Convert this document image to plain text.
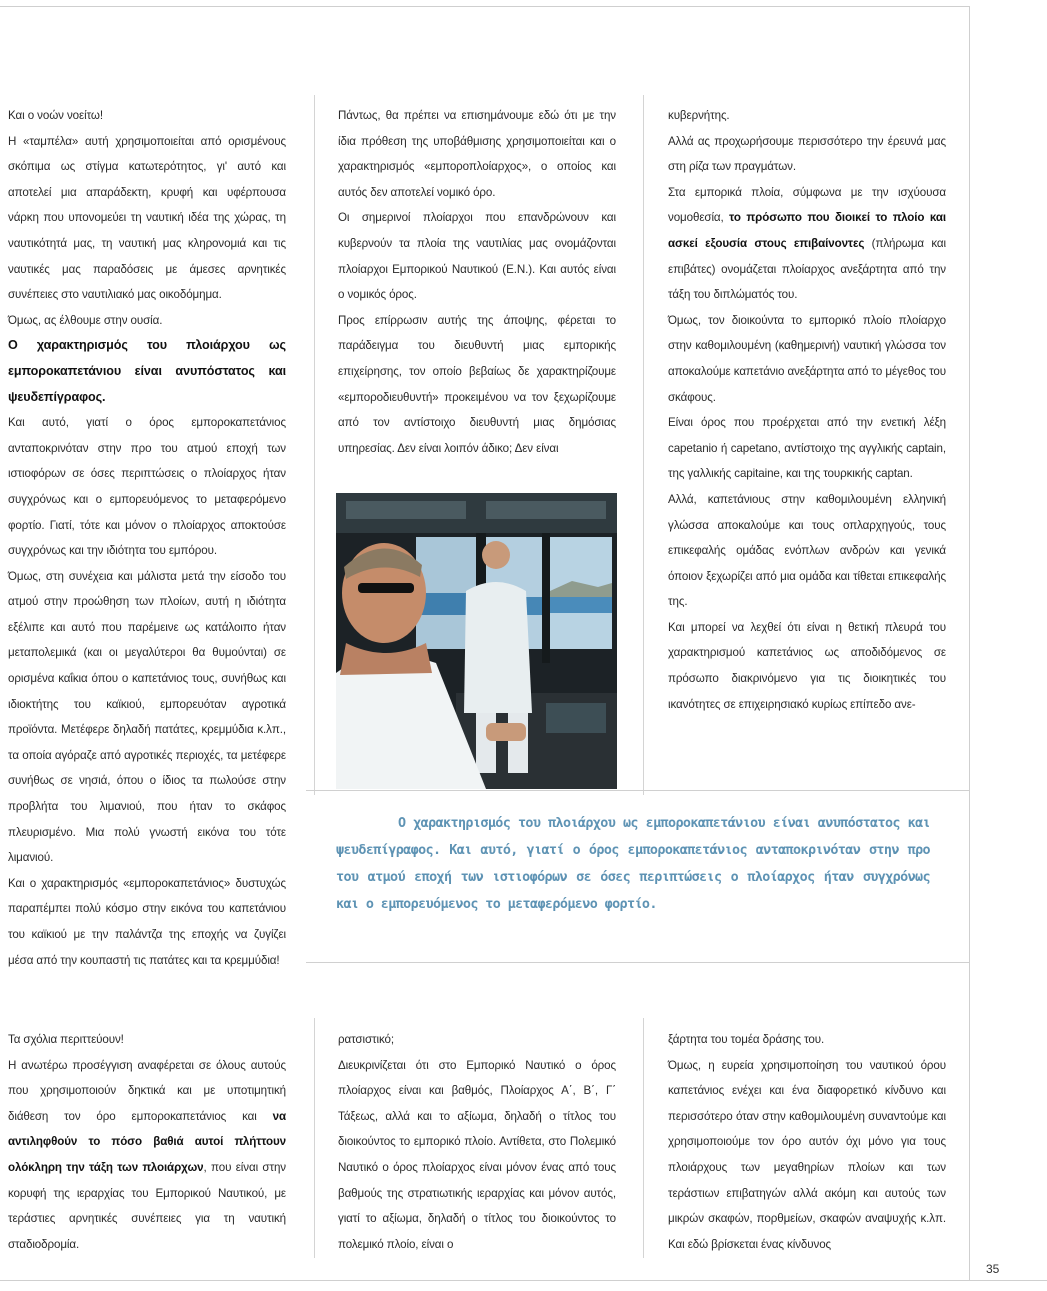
Και ο νοών νοείτω!

Η «ταμπέλα» αυτή χρησιμοποιείται από ορισμένους σκόπιμα ως στίγμα κατωτερότητος, γι' αυτό και αποτελεί μια απαράδεκτη, κρυφή και υφέρπουσα νάρκη που υπονομεύει τη ναυτική ιδέα της χώρας, τη ναυτικότητά μας, τη ναυτική μας κληρονομιά και τις ναυτικές μας παραδόσεις με άμεσες αρνητικές συνέπειες στο ναυτιλιακό μας οικοδόμημα.

Όμως, ας έλθουμε στην ουσία.

Ο χαρακτηρισμός του πλοιάρχου ως εμποροκαπετάνιου είναι ανυπόστατος και ψευδεπίγραφος.

Και αυτό, γιατί ο όρος εμποροκαπετάνιος ανταποκρινόταν στην προ του ατμού εποχή των ιστιοφόρων σε όσες περιπτώσεις ο πλοίαρχος ήταν συγχρόνως και ο εμπορευόμενος το μεταφερόμενο φορτίο. Γιατί, τότε και μόνον ο πλοίαρχος αποκτούσε συγχρόνως και την ιδιότητα του εμπόρου.

Όμως, στη συνέχεια και μάλιστα μετά την είσοδο του ατμού στην προώθηση των πλοίων, αυτή η ιδιότητα εξέλιπε και αυτό που παρέμεινε ως κατάλοιπο ήταν μεταπολεμικά (και οι μεγαλύτεροι θα θυμούνται) σε ορισμένα καΐκια όπου ο καπετάνιος τους, συνήθως και ιδιοκτήτης του καϊκιού, εμπορευόταν αγροτικά προϊόντα. Μετέφερε δηλαδή πατάτες, κρεμμύδια κ.λπ., τα οποία αγόραζε από αγροτικές περιοχές, τα μετέφερε συνήθως σε νησιά, όπου ο ίδιος τα πωλούσε στην προβλήτα του λιμανιού, που ήταν το σκάφος πλευρισμένο. Μια πολύ γνωστή εικόνα του τότε λιμανιού.

Και ο χαρακτηρισμός «εμποροκαπετάνιος» δυστυχώς παραπέμπει πολύ κόσμο στην εικόνα του καπετάνιου του καϊκιού με την παλάντζα της εποχής να ζυγίζει μέσα από την κουπαστή τις πατάτες και τα κρεμμύδια!

Πάντως, θα πρέπει να επισημάνουμε εδώ ότι με την ίδια πρόθεση της υποβάθμισης χρησιμοποιείται και ο χαρακτηρισμός «εμποροπλοίαρχος», ο οποίος και αυτός δεν αποτελεί νομικό όρο.

Οι σημερινοί πλοίαρχοι που επανδρώνουν και κυβερνούν τα πλοία της ναυτιλίας μας ονομάζονται πλοίαρχοι Εμπορικού Ναυτικού (Ε.Ν.). Και αυτός είναι ο νομικός όρος.

Προς επίρρωσιν αυτής της άποψης, φέρεται το παράδειγμα του διευθυντή μιας εμπορικής επιχείρησης, τον οποίο βεβαίως δε χαρακτηρίζουμε «εμποροδιευθυντή» προκειμένου να τον ξεχωρίζουμε από τον αντίστοιχο διευθυντή μιας δημόσιας υπηρεσίας. Δεν είναι λοιπόν άδικο; Δεν είναι

κυβερνήτης.

Αλλά ας προχωρήσουμε περισσότερο την έρευνά μας στη ρίζα των πραγμάτων.

Στα εμπορικά πλοία, σύμφωνα με την ισχύουσα νομοθεσία, το πρόσωπο που διοικεί το πλοίο και ασκεί εξουσία στους επιβαίνοντες (πλήρωμα και επιβάτες) ονομάζεται πλοίαρχος ανεξάρτητα από την τάξη του διπλώματός του.

Όμως, τον διοικούντα το εμπορικό πλοίο πλοίαρχο στην καθομιλουμένη (καθημερινή) ναυτική γλώσσα τον αποκαλούμε καπετάνιο ανεξάρτητα από το μέγεθος του σκάφους.

Είναι όρος που προέρχεται από την ενετική λέξη capetanio ή capetano, αντίστοιχο της αγγλικής captain, της γαλλικής capitaine, και της τουρκικής captan.

Αλλά, καπετάνιους στην καθομιλουμένη ελληνική γλώσσα αποκαλούμε και τους οπλαρχηγούς, τους επικεφαλής ομάδας ενόπλων ανδρών και γενικά όποιον ξεχωρίζει από μια ομάδα και τίθεται επικεφαλής της.

Και μπορεί να λεχθεί ότι είναι η θετική πλευρά του χαρακτηρισμού καπετάνιος ως αποδιδόμενος σε πρόσωπο διακρινόμενο για τις διοικητικές του ικανότητες σε επιχειρησιακό κυρίως επίπεδο ανε-

Ο χαρακτηρισμός του πλοιάρχου ως εμποροκαπετάνιου είναι ανυπόστατος και ψευδεπίγραφος. Και αυτό, γιατί ο όρος εμποροκαπετάνιος ανταποκρινόταν στην προ του ατμού εποχή των ιστιοφόρων σε όσες περιπτώσεις ο πλοίαρχος ήταν συγχρόνως και ο εμπορευόμενος το μεταφερόμενο φορτίο.

Τα σχόλια περιττεύουν!

Η ανωτέρω προσέγγιση αναφέρεται σε όλους αυτούς που χρησιμοποιούν δηκτικά και με υποτιμητική διάθεση τον όρο εμποροκαπετάνιος και να αντιληφθούν το πόσο βαθιά αυτοί πλήττουν ολόκληρη την τάξη των πλοιάρχων, που είναι στην κορυφή της ιεραρχίας του Εμπορικού Ναυτικού, με τεράστιες αρνητικές συνέπειες για τη ναυτική σταδιοδρομία.

ρατσιστικό;

Διευκρινίζεται ότι στο Εμπορικό Ναυτικό ο όρος πλοίαρχος είναι και βαθμός, Πλοίαρχος Α΄, Β΄, Γ΄ Τάξεως, αλλά και το αξίωμα, δηλαδή ο τίτλος του διοικούντος το εμπορικό πλοίο. Αντίθετα, στο Πολεμικό Ναυτικό ο όρος πλοίαρχος είναι μόνον ένας από τους βαθμούς της στρατιωτικής ιεραρχίας και μόνον αυτός, γιατί το αξίωμα, δηλαδή ο τίτλος του διοικούντος το πολεμικό πλοίο, είναι ο

ξάρτητα του τομέα δράσης του.

Όμως, η ευρεία χρησιμοποίηση του ναυτικού όρου καπετάνιος ενέχει και ένα διαφορετικό κίνδυνο και περισσότερο όταν στην καθομιλουμένη συναντούμε και χρησιμοποιούμε τον όρο αυτόν όχι μόνο για τους πλοιάρχους των μεγαθηρίων πλοίων και των τεράστιων επιβατηγών αλλά ακόμη και αυτούς των μικρών σκαφών, πορθμείων, σκαφών αναψυχής κ.λπ. Και εδώ βρίσκεται ένας κίνδυνος

35
